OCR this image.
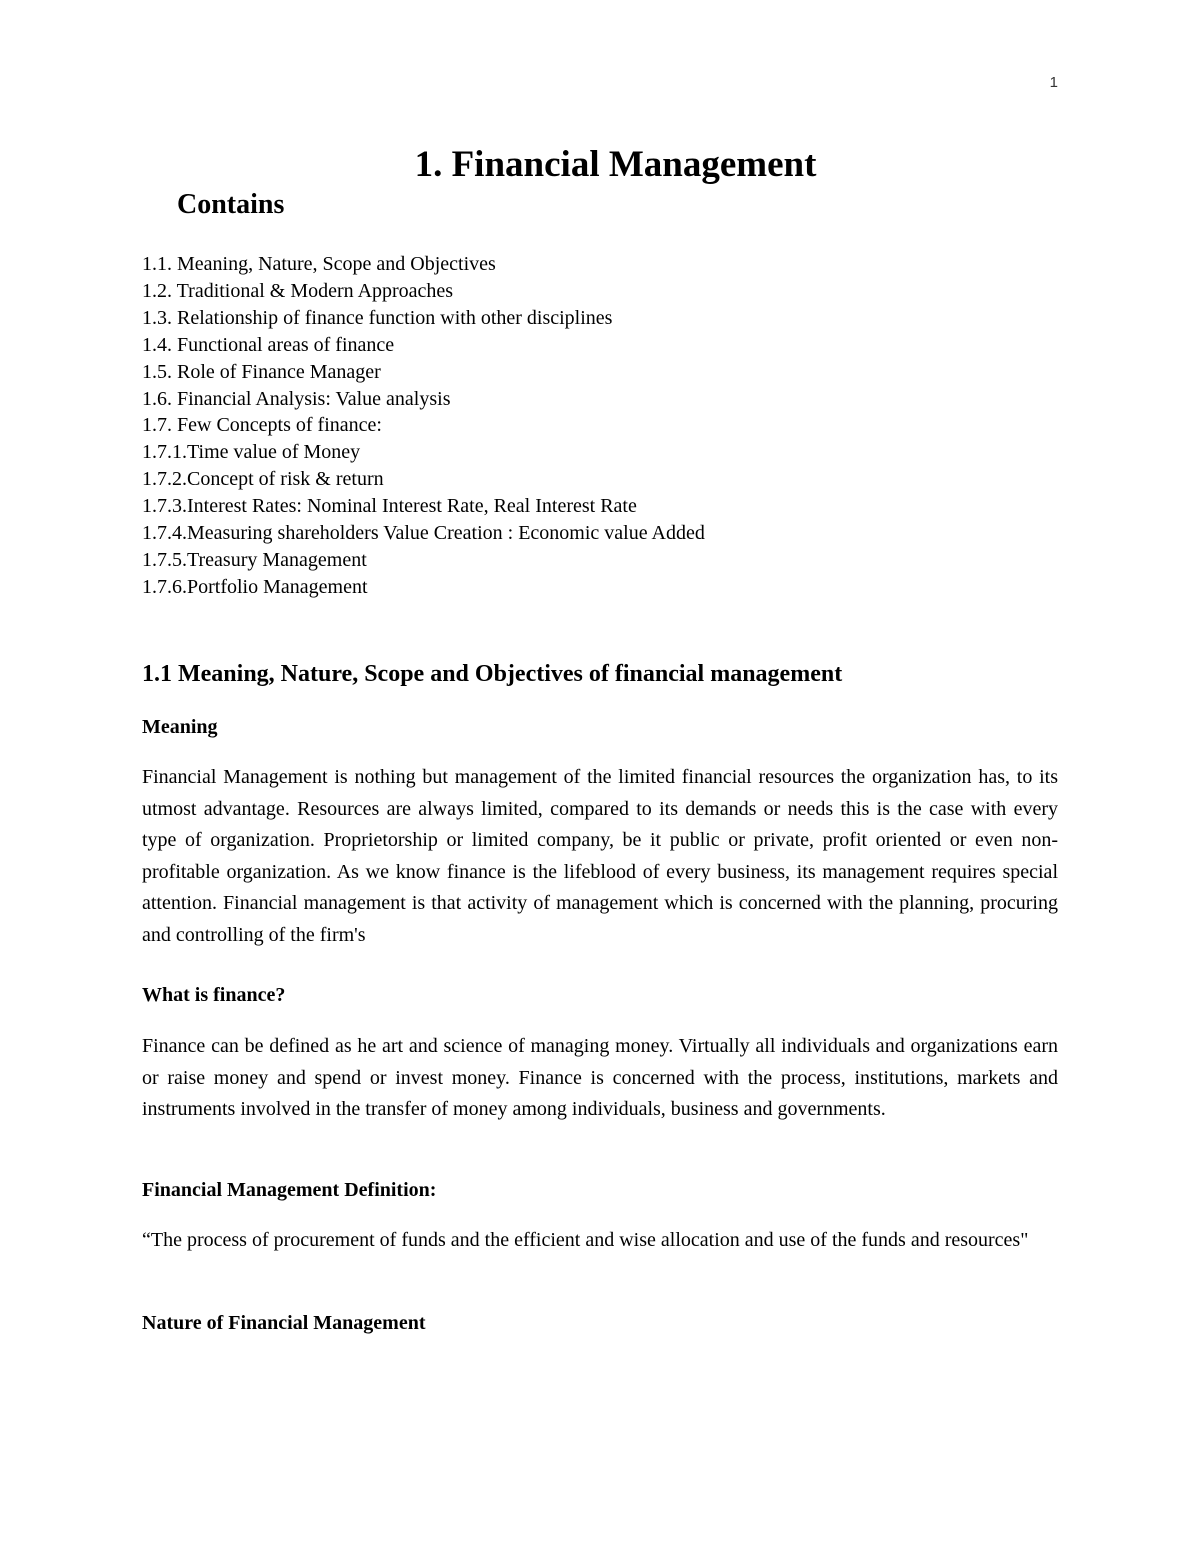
1
1. Financial Management
Contains
1.1. Meaning, Nature, Scope and Objectives
1.2. Traditional & Modern Approaches
1.3. Relationship of finance function with other disciplines
1.4. Functional areas of finance
1.5. Role of Finance Manager
1.6. Financial Analysis: Value analysis
1.7. Few Concepts of finance:
1.7.1.Time value of Money
1.7.2.Concept of risk & return
1.7.3.Interest Rates: Nominal Interest Rate, Real Interest Rate
1.7.4.Measuring shareholders Value Creation : Economic value Added
1.7.5.Treasury Management
1.7.6.Portfolio Management
1.1 Meaning, Nature, Scope and Objectives of financial management
Meaning

Financial Management is nothing but management of the limited financial resources the organization has, to its utmost advantage. Resources are always limited, compared to its demands or needs this is the case with every type of organization. Proprietorship or limited company, be it public or private, profit oriented or even non-profitable organization. As we know finance is the lifeblood of every business, its management requires special attention. Financial management is that activity of management which is concerned with the planning, procuring and controlling of the firm's

What is finance?

Finance can be defined as he art and science of managing money. Virtually all individuals and organizations earn or raise money and spend or invest money. Finance is concerned with the process, institutions, markets and instruments involved in the transfer of money among individuals, business and governments.

Financial Management Definition:

“The process of procurement of funds and the efficient and wise allocation and use of the funds and resources"

Nature of Financial Management
